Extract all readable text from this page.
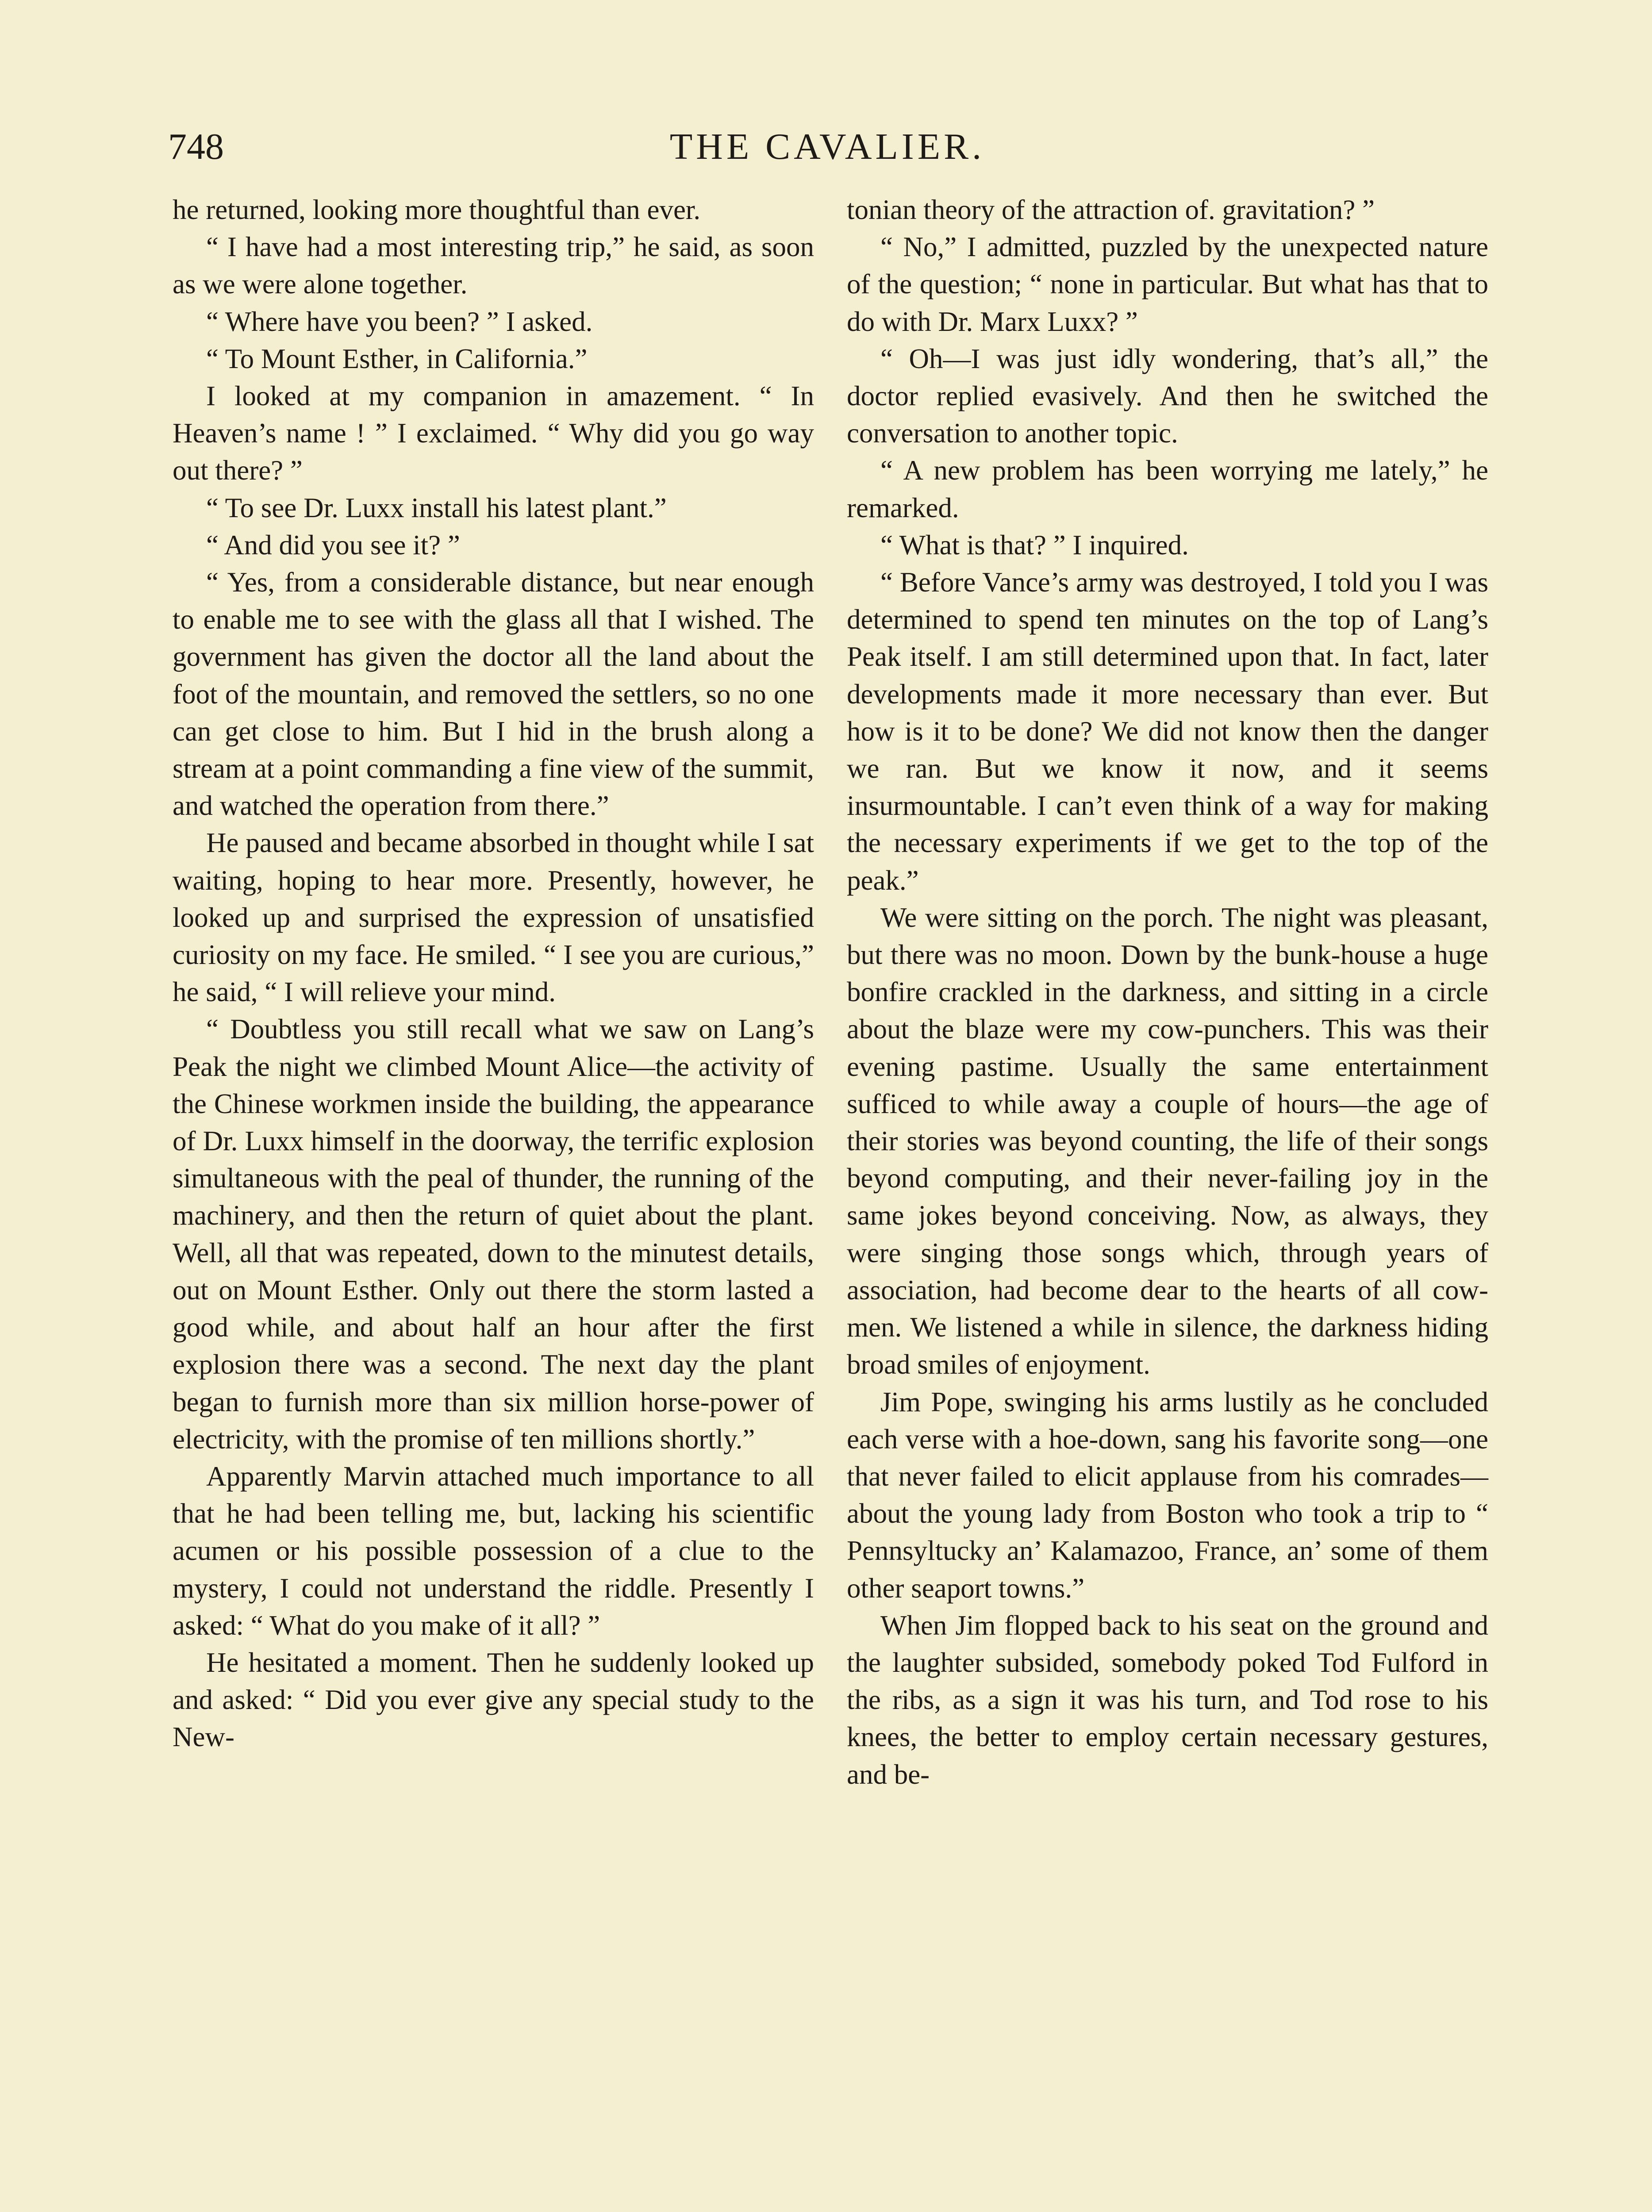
748	THE CAVALIER.

he returned, looking more thoughtful than ever.

“ I have had a most interesting trip,” he said, as soon as we were alone together.

“ Where have you been? ” I asked.

“ To Mount Esther, in California.”

I looked at my companion in amazement. “ In Heaven’s name ! ” I exclaimed. “ Why did you go way out there? ”

“ To see Dr. Luxx install his latest plant.”

“ And did you see it? ”

“ Yes, from a considerable distance, but near enough to enable me to see with the glass all that I wished. The government has given the doctor all the land about the foot of the mountain, and removed the settlers, so no one can get close to him. But I hid in the brush along a stream at a point commanding a fine view of the summit, and watched the operation from there.”

He paused and became absorbed in thought while I sat waiting, hoping to hear more. Presently, however, he looked up and surprised the expression of unsatisfied curiosity on my face. He smiled. “ I see you are curious,” he said, “ I will relieve your mind.

“ Doubtless you still recall what we saw on Lang’s Peak the night we climbed Mount Alice—the activity of the Chinese workmen inside the building, the appearance of Dr. Luxx himself in the doorway, the terrific explosion simultaneous with the peal of thunder, the running of the machinery, and then the return of quiet about the plant. Well, all that was repeated, down to the minutest details, out on Mount Esther. Only out there the storm lasted a good while, and about half an hour after the first explosion there was a second. The next day the plant began to furnish more than six million horse-power of electricity, with the promise of ten millions shortly.”

Apparently Marvin attached much importance to all that he had been telling me, but, lacking his scientific acumen or his possible possession of a clue to the mystery, I could not understand the riddle. Presently I asked: “ What do you make of it all? ”

He hesitated a moment. Then he suddenly looked up and asked: “ Did you ever give any special study to the New-

tonian theory of the attraction of. gravitation? ”

“ No,” I admitted, puzzled by the unexpected nature of the question; “ none in particular. But what has that to do with Dr. Marx Luxx? ”

“ Oh—I was just idly wondering, that’s all,” the doctor replied evasively. And then he switched the conversation to another topic.

“ A new problem has been worrying me lately,” he remarked.

“ What is that? ” I inquired.

“ Before Vance’s army was destroyed, I told you I was determined to spend ten minutes on the top of Lang’s Peak itself. I am still determined upon that. In fact, later developments made it more necessary than ever. But how is it to be done? We did not know then the danger we ran. But we know it now, and it seems insurmountable. I can’t even think of a way for making the necessary experiments if we get to the top of the peak.”

We were sitting on the porch. The night was pleasant, but there was no moon. Down by the bunk-house a huge bonfire crackled in the darkness, and sitting in a circle about the blaze were my cow-punchers. This was their evening pastime. Usually the same entertainment sufficed to while away a couple of hours—the age of their stories was beyond counting, the life of their songs beyond computing, and their never-failing joy in the same jokes beyond conceiving. Now, as always, they were singing those songs which, through years of association, had become dear to the hearts of all cow-men. We listened a while in silence, the darkness hiding broad smiles of enjoyment.

Jim Pope, swinging his arms lustily as he concluded each verse with a hoe-down, sang his favorite song—one that never failed to elicit applause from his comrades—about the young lady from Boston who took a trip to “ Pennsyltucky an’ Kalamazoo, France, an’ some of them other seaport towns.”

When Jim flopped back to his seat on the ground and the laughter subsided, somebody poked Tod Fulford in the ribs, as a sign it was his turn, and Tod rose to his knees, the better to employ certain necessary gestures, and be-
